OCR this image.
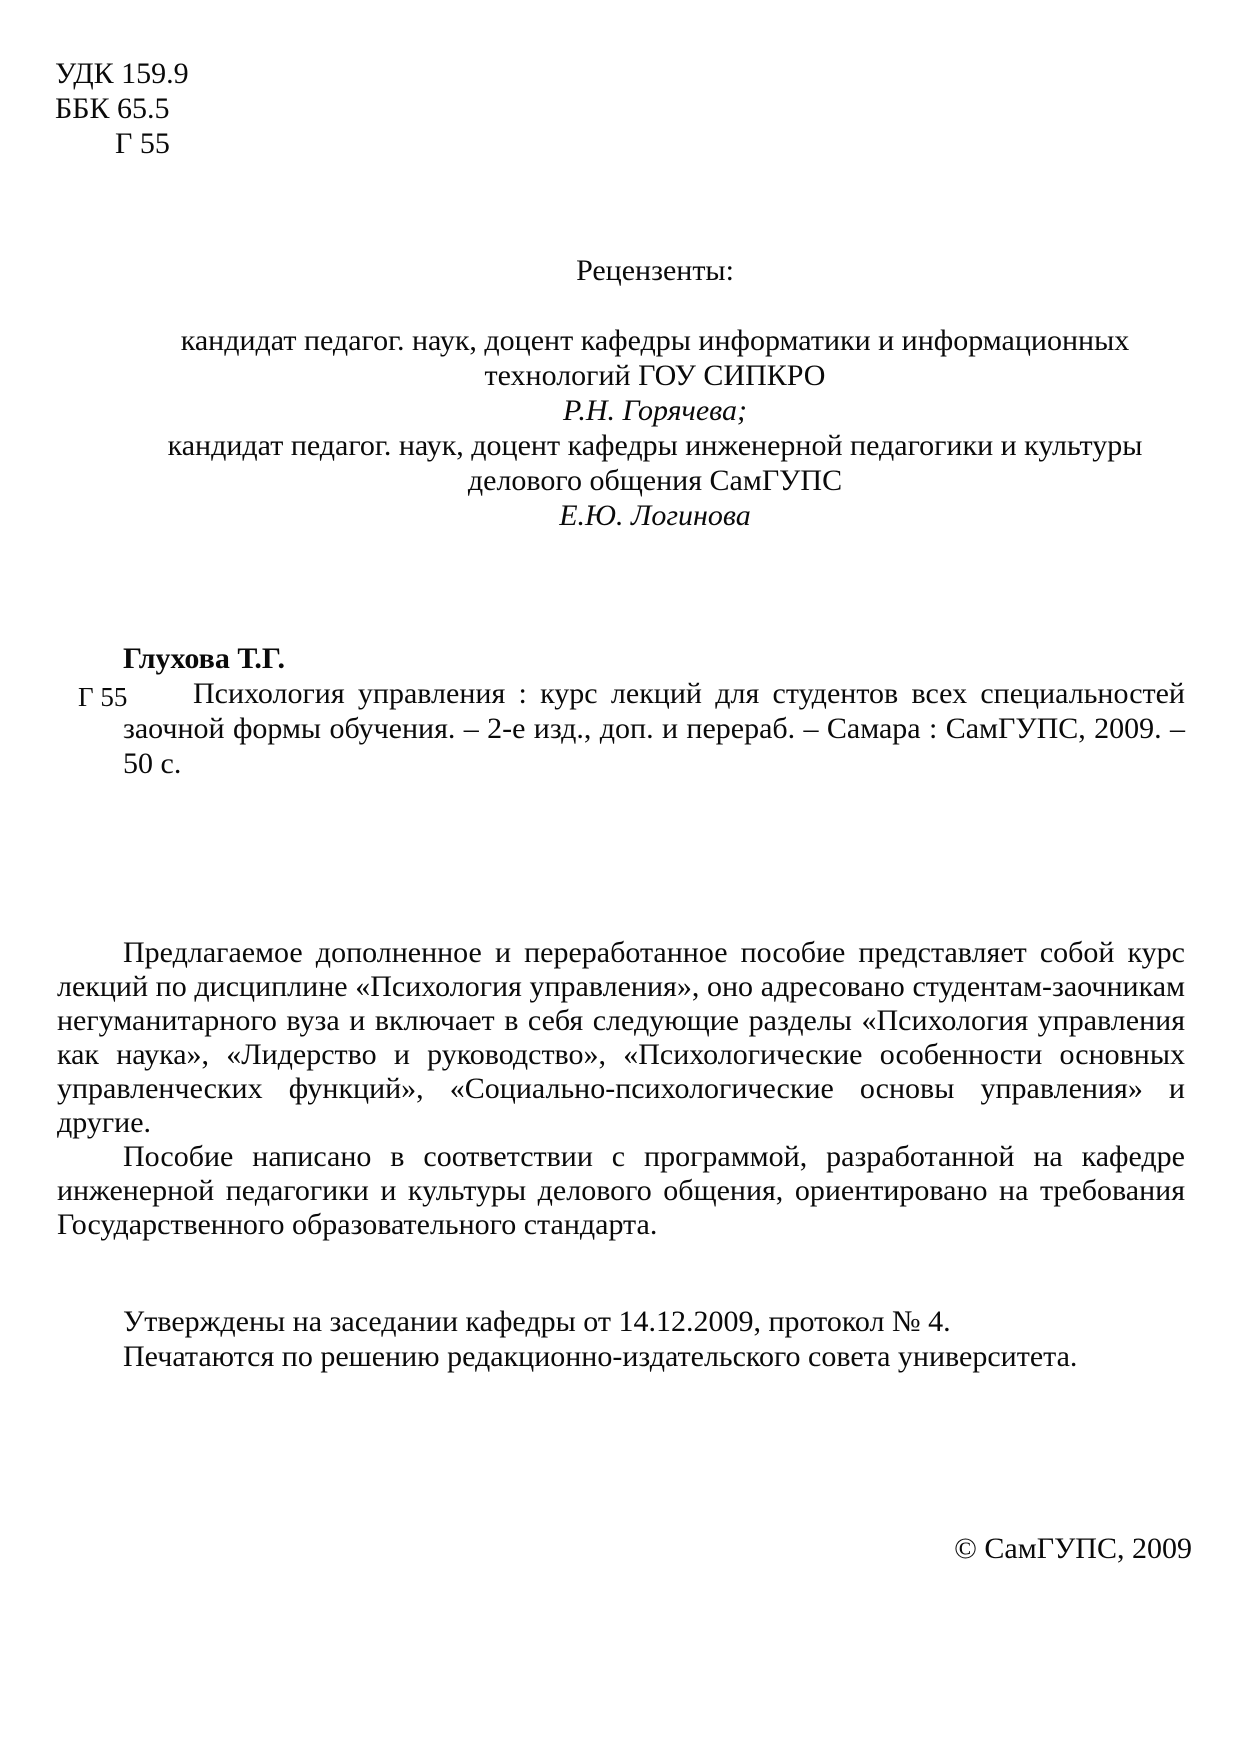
УДК 159.9
ББК 65.5
Г 55
Рецензенты:
кандидат педагог. наук, доцент кафедры информатики и информационных
технологий ГОУ СИПКРО
Р.Н. Горячева;
кандидат педагог. наук, доцент кафедры инженерной педагогики и культуры
делового общения СамГУПС
Е.Ю. Логинова
Глухова Т.Г.
Г 55	Психология управления : курс лекций для студентов всех специальностей
заочной формы обучения. – 2-е изд., доп. и перераб. – Самара : СамГУПС, 2009. –
50 с.
Предлагаемое дополненное и переработанное пособие представляет собой курс
лекций по дисциплине «Психология управления», оно адресовано студентам-заочникам
негуманитарного вуза и включает в себя следующие разделы «Психология управления
как наука», «Лидерство и руководство», «Психологические особенности основных
управленческих функций», «Социально-психологические основы управления» и другие.
Пособие написано в соответствии с программой, разработанной на кафедре
инженерной педагогики и культуры делового общения, ориентировано на требования
Государственного образовательного стандарта.
Утверждены на заседании кафедры от 14.12.2009, протокол № 4.
Печатаются по решению редакционно-издательского совета университета.
© СамГУПС, 2009
